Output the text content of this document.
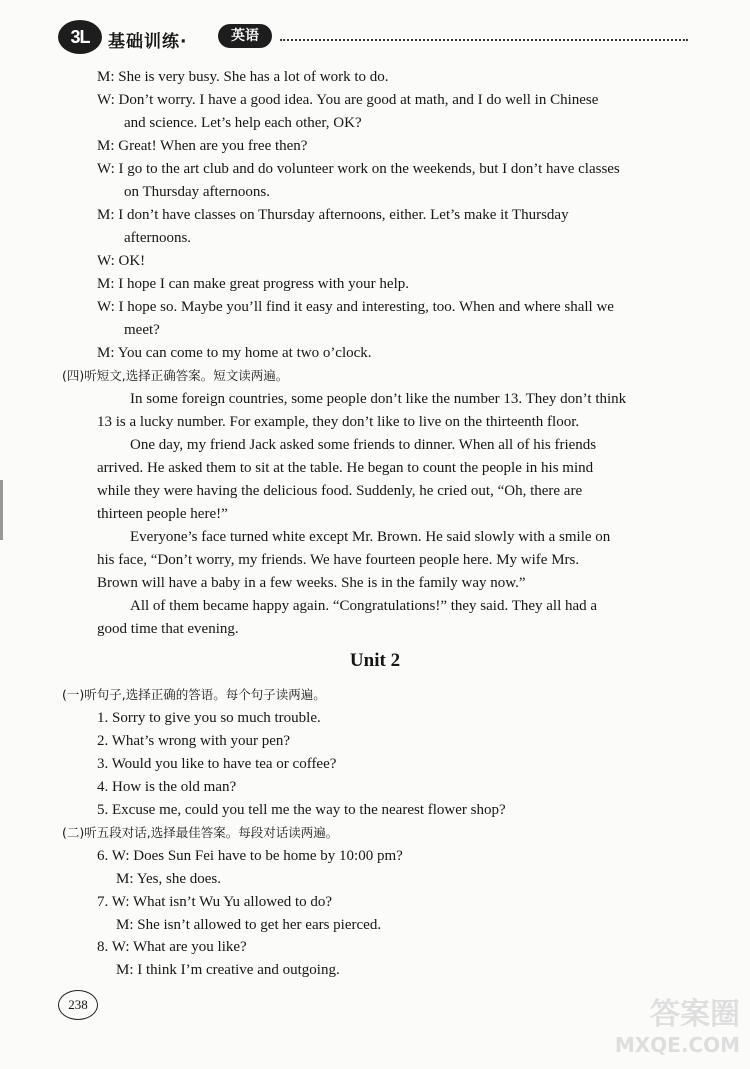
3L	基础训练·	英语
M: She is very busy. She has a lot of work to do.
W: Don’t worry. I have a good idea. You are good at math, and I do well in Chinese
and science. Let’s help each other, OK?
M: Great! When are you free then?
W: I go to the art club and do volunteer work on the weekends, but I don’t have classes
on Thursday afternoons.
M: I don’t have classes on Thursday afternoons, either. Let’s make it Thursday
afternoons.
W: OK!
M: I hope I can make great progress with your help.
W: I hope so. Maybe you’ll find it easy and interesting, too. When and where shall we
meet?
M: You can come to my home at two o’clock.
In some foreign countries, some people don’t like the number 13. They don’t think
13 is a lucky number. For example, they don’t like to live on the thirteenth floor.
One day, my friend Jack asked some friends to dinner. When all of his friends
arrived. He asked them to sit at the table. He began to count the people in his mind
while they were having the delicious food. Suddenly, he cried out, “Oh, there are
thirteen people here!”
Everyone’s face turned white except Mr. Brown. He said slowly with a smile on
his face, “Don’t worry, my friends. We have fourteen people here. My wife Mrs.
Brown will have a baby in a few weeks. She is in the family way now.”
All of them became happy again. “Congratulations!” they said. They all had a
good time that evening.
1. Sorry to give you so much trouble.
2. What’s wrong with your pen?
3. Would you like to have tea or coffee?
4. How is the old man?
5. Excuse me, could you tell me the way to the nearest flower shop?
6. W: Does Sun Fei have to be home by 10:00 pm?
M: Yes, she does.
7. W: What isn’t Wu Yu allowed to do?
M: She isn’t allowed to get her ears pierced.
8. W: What are you like?
M: I think I’m creative and outgoing.
(四)听短文,选择正确答案。短文读两遍。
(一)听句子,选择正确的答语。每个句子读两遍。
(二)听五段对话,选择最佳答案。每段对话读两遍。
Unit 2
238	答案圈
MXQE.COM
